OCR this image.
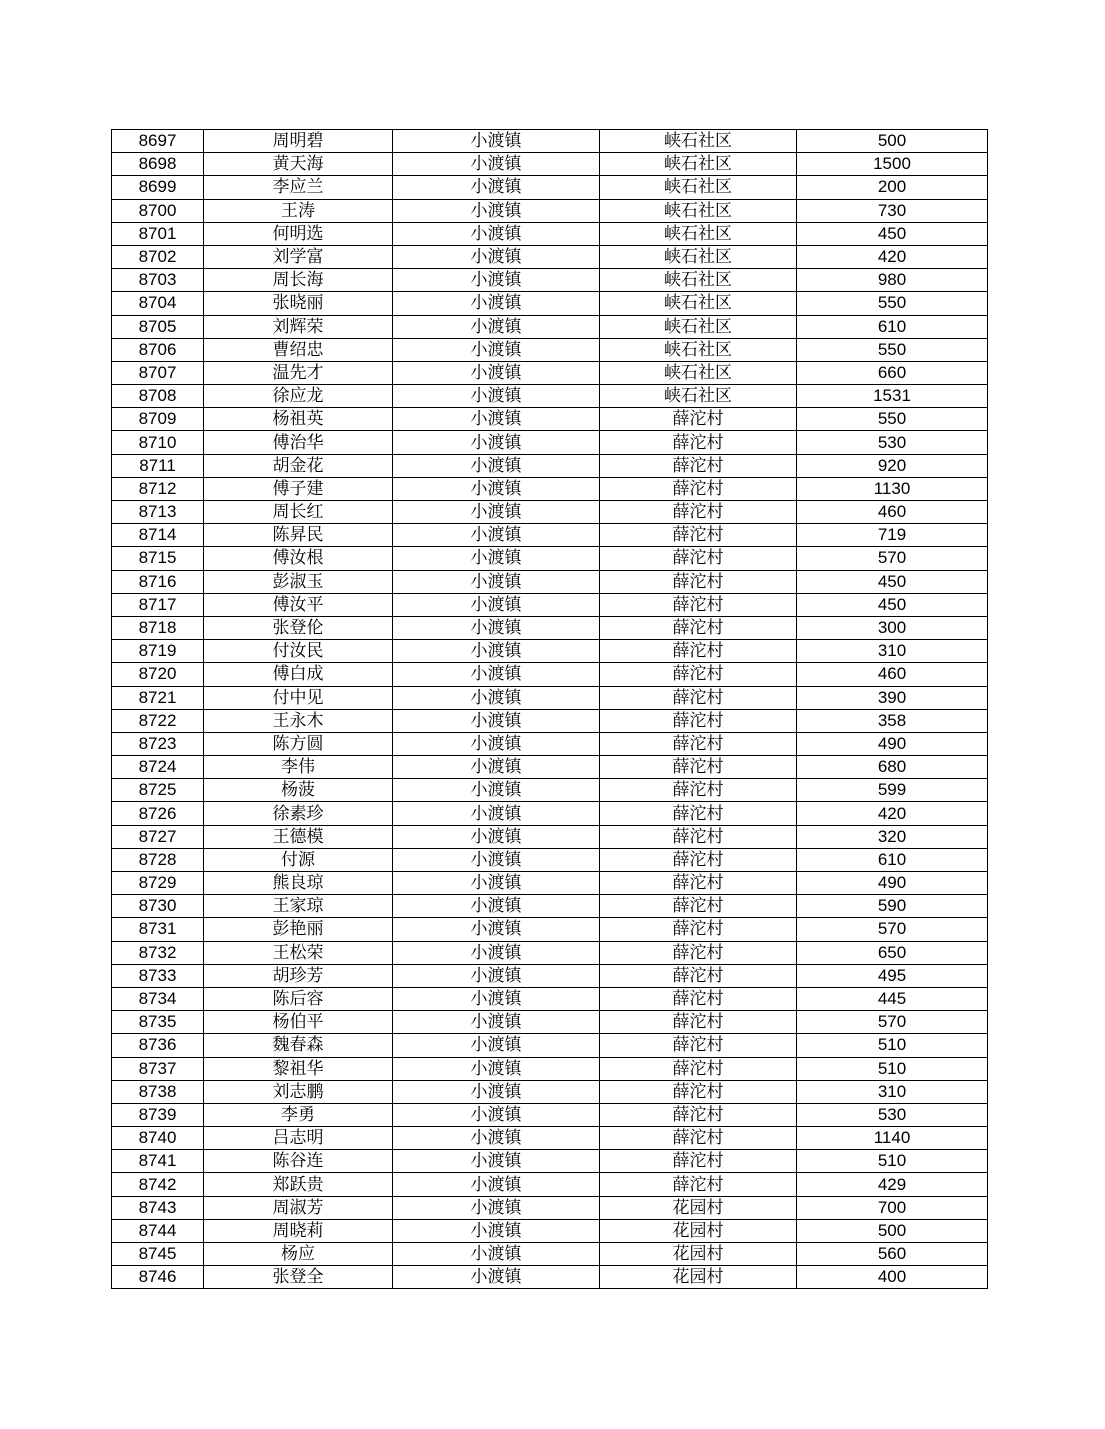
8697	周明碧	小渡镇	峡石社区	500
8698	黄天海	小渡镇	峡石社区	1500
8699	李应兰	小渡镇	峡石社区	200
8700	王涛	小渡镇	峡石社区	730
8701	何明选	小渡镇	峡石社区	450
8702	刘学富	小渡镇	峡石社区	420
8703	周长海	小渡镇	峡石社区	980
8704	张晓丽	小渡镇	峡石社区	550
8705	刘辉荣	小渡镇	峡石社区	610
8706	曹绍忠	小渡镇	峡石社区	550
8707	温先才	小渡镇	峡石社区	660
8708	徐应龙	小渡镇	峡石社区	1531
8709	杨祖英	小渡镇	薛沱村	550
8710	傅治华	小渡镇	薛沱村	530
8711	胡金花	小渡镇	薛沱村	920
8712	傅子建	小渡镇	薛沱村	1130
8713	周长红	小渡镇	薛沱村	460
8714	陈昇民	小渡镇	薛沱村	719
8715	傅汝根	小渡镇	薛沱村	570
8716	彭淑玉	小渡镇	薛沱村	450
8717	傅汝平	小渡镇	薛沱村	450
8718	张登伦	小渡镇	薛沱村	300
8719	付汝民	小渡镇	薛沱村	310
8720	傅白成	小渡镇	薛沱村	460
8721	付中见	小渡镇	薛沱村	390
8722	王永木	小渡镇	薛沱村	358
8723	陈方圆	小渡镇	薛沱村	490
8724	李伟	小渡镇	薛沱村	680
8725	杨菠	小渡镇	薛沱村	599
8726	徐素珍	小渡镇	薛沱村	420
8727	王德模	小渡镇	薛沱村	320
8728	付源	小渡镇	薛沱村	610
8729	熊良琼	小渡镇	薛沱村	490
8730	王家琼	小渡镇	薛沱村	590
8731	彭艳丽	小渡镇	薛沱村	570
8732	王松荣	小渡镇	薛沱村	650
8733	胡珍芳	小渡镇	薛沱村	495
8734	陈后容	小渡镇	薛沱村	445
8735	杨伯平	小渡镇	薛沱村	570
8736	魏春森	小渡镇	薛沱村	510
8737	黎祖华	小渡镇	薛沱村	510
8738	刘志鹏	小渡镇	薛沱村	310
8739	李勇	小渡镇	薛沱村	530
8740	吕志明	小渡镇	薛沱村	1140
8741	陈谷连	小渡镇	薛沱村	510
8742	郑跃贵	小渡镇	薛沱村	429
8743	周淑芳	小渡镇	花园村	700
8744	周晓莉	小渡镇	花园村	500
8745	杨应	小渡镇	花园村	560
8746	张登全	小渡镇	花园村	400
